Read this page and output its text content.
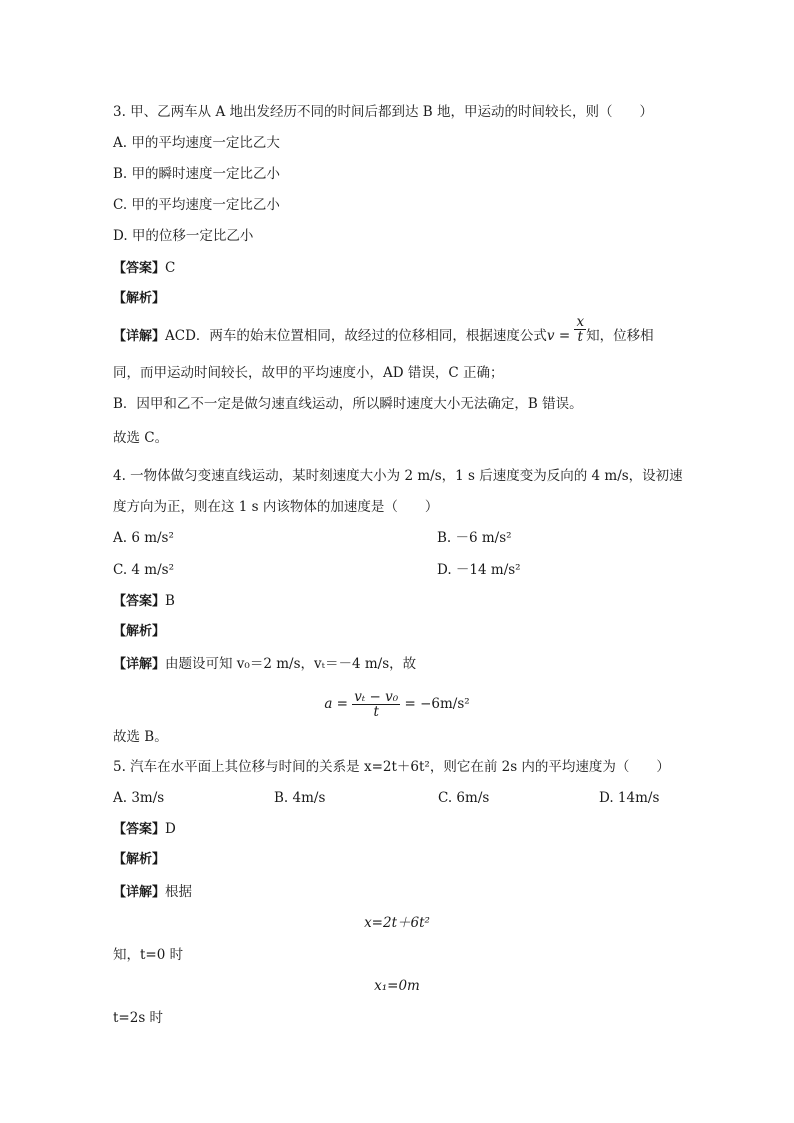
3. 甲、乙两车从 A 地出发经历不同的时间后都到达 B 地，甲运动的时间较长，则（　　）
A. 甲的平均速度一定比乙大
B. 甲的瞬时速度一定比乙小
C. 甲的平均速度一定比乙小
D. 甲的位移一定比乙小
【答案】C
【解析】
【详解】ACD．两车的始末位置相同，故经过的位移相同，根据速度公式$v = \frac{x}{t}$ 知，位移相
同，而甲运动时间较长，故甲的平均速度小，AD 错误，C 正确；
B．因甲和乙不一定是做匀速直线运动，所以瞬时速度大小无法确定，B 错误。
故选 C。
4. 一物体做匀变速直线运动，某时刻速度大小为 2 m/s，1 s 后速度变为反向的 4 m/s，设初速
度方向为正，则在这 1 s 内该物体的加速度是（　　）
A. 6 m/s²	B. －6 m/s²
C. 4 m/s²	D. －14 m/s²
【答案】B
【解析】
【详解】由题设可知 v₀＝2 m/s，vₜ＝－4 m/s，故
$a = \frac{\text{vₜ − v₀}}{t} = -6m/s^2$
故选 B。
5. 汽车在水平面上其位移与时间的关系是 x=2t＋6t²，则它在前 2s 内的平均速度为（　　）
A. 3m/s	B. 4m/s	C. 6m/s	D. 14m/s
【答案】D
【解析】
【详解】根据
x=2t＋6t²
知，t=0 时
x₁=0m
t=2s 时
